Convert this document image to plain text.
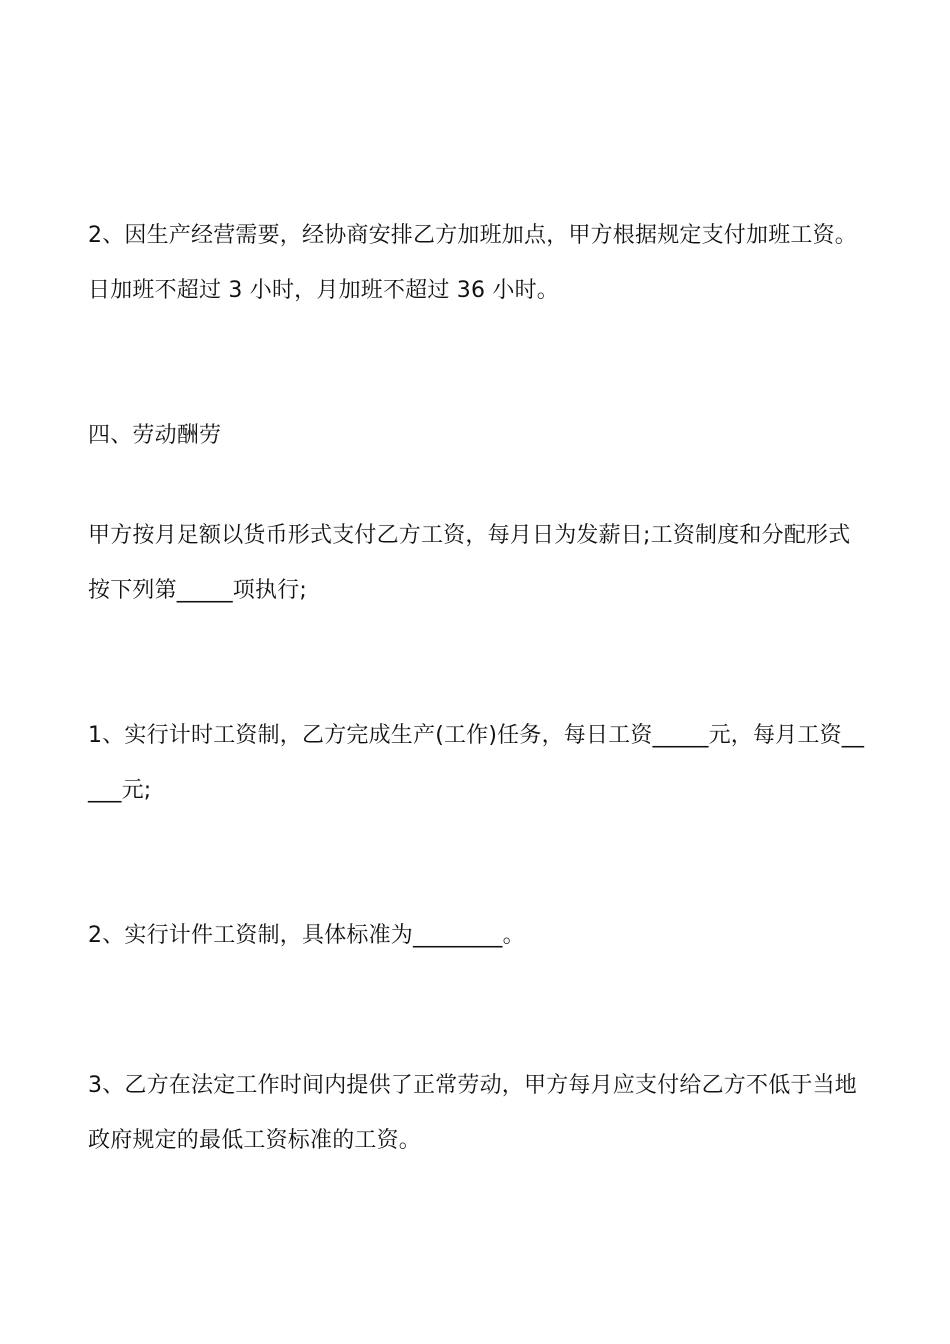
2、因生产经营需要，经协商安排乙方加班加点，甲方根据规定支付加班工资。日加班不超过 3 小时，月加班不超过 36 小时。

四、劳动酬劳

甲方按月足额以货币形式支付乙方工资，每月日为发薪日;工资制度和分配形式按下列第_____项执行;

1、实行计时工资制，乙方完成生产(工作)任务，每日工资_____元，每月工资_____元;

2、实行计件工资制，具体标准为________。

3、乙方在法定工作时间内提供了正常劳动，甲方每月应支付给乙方不低于当地政府规定的最低工资标准的工资。
